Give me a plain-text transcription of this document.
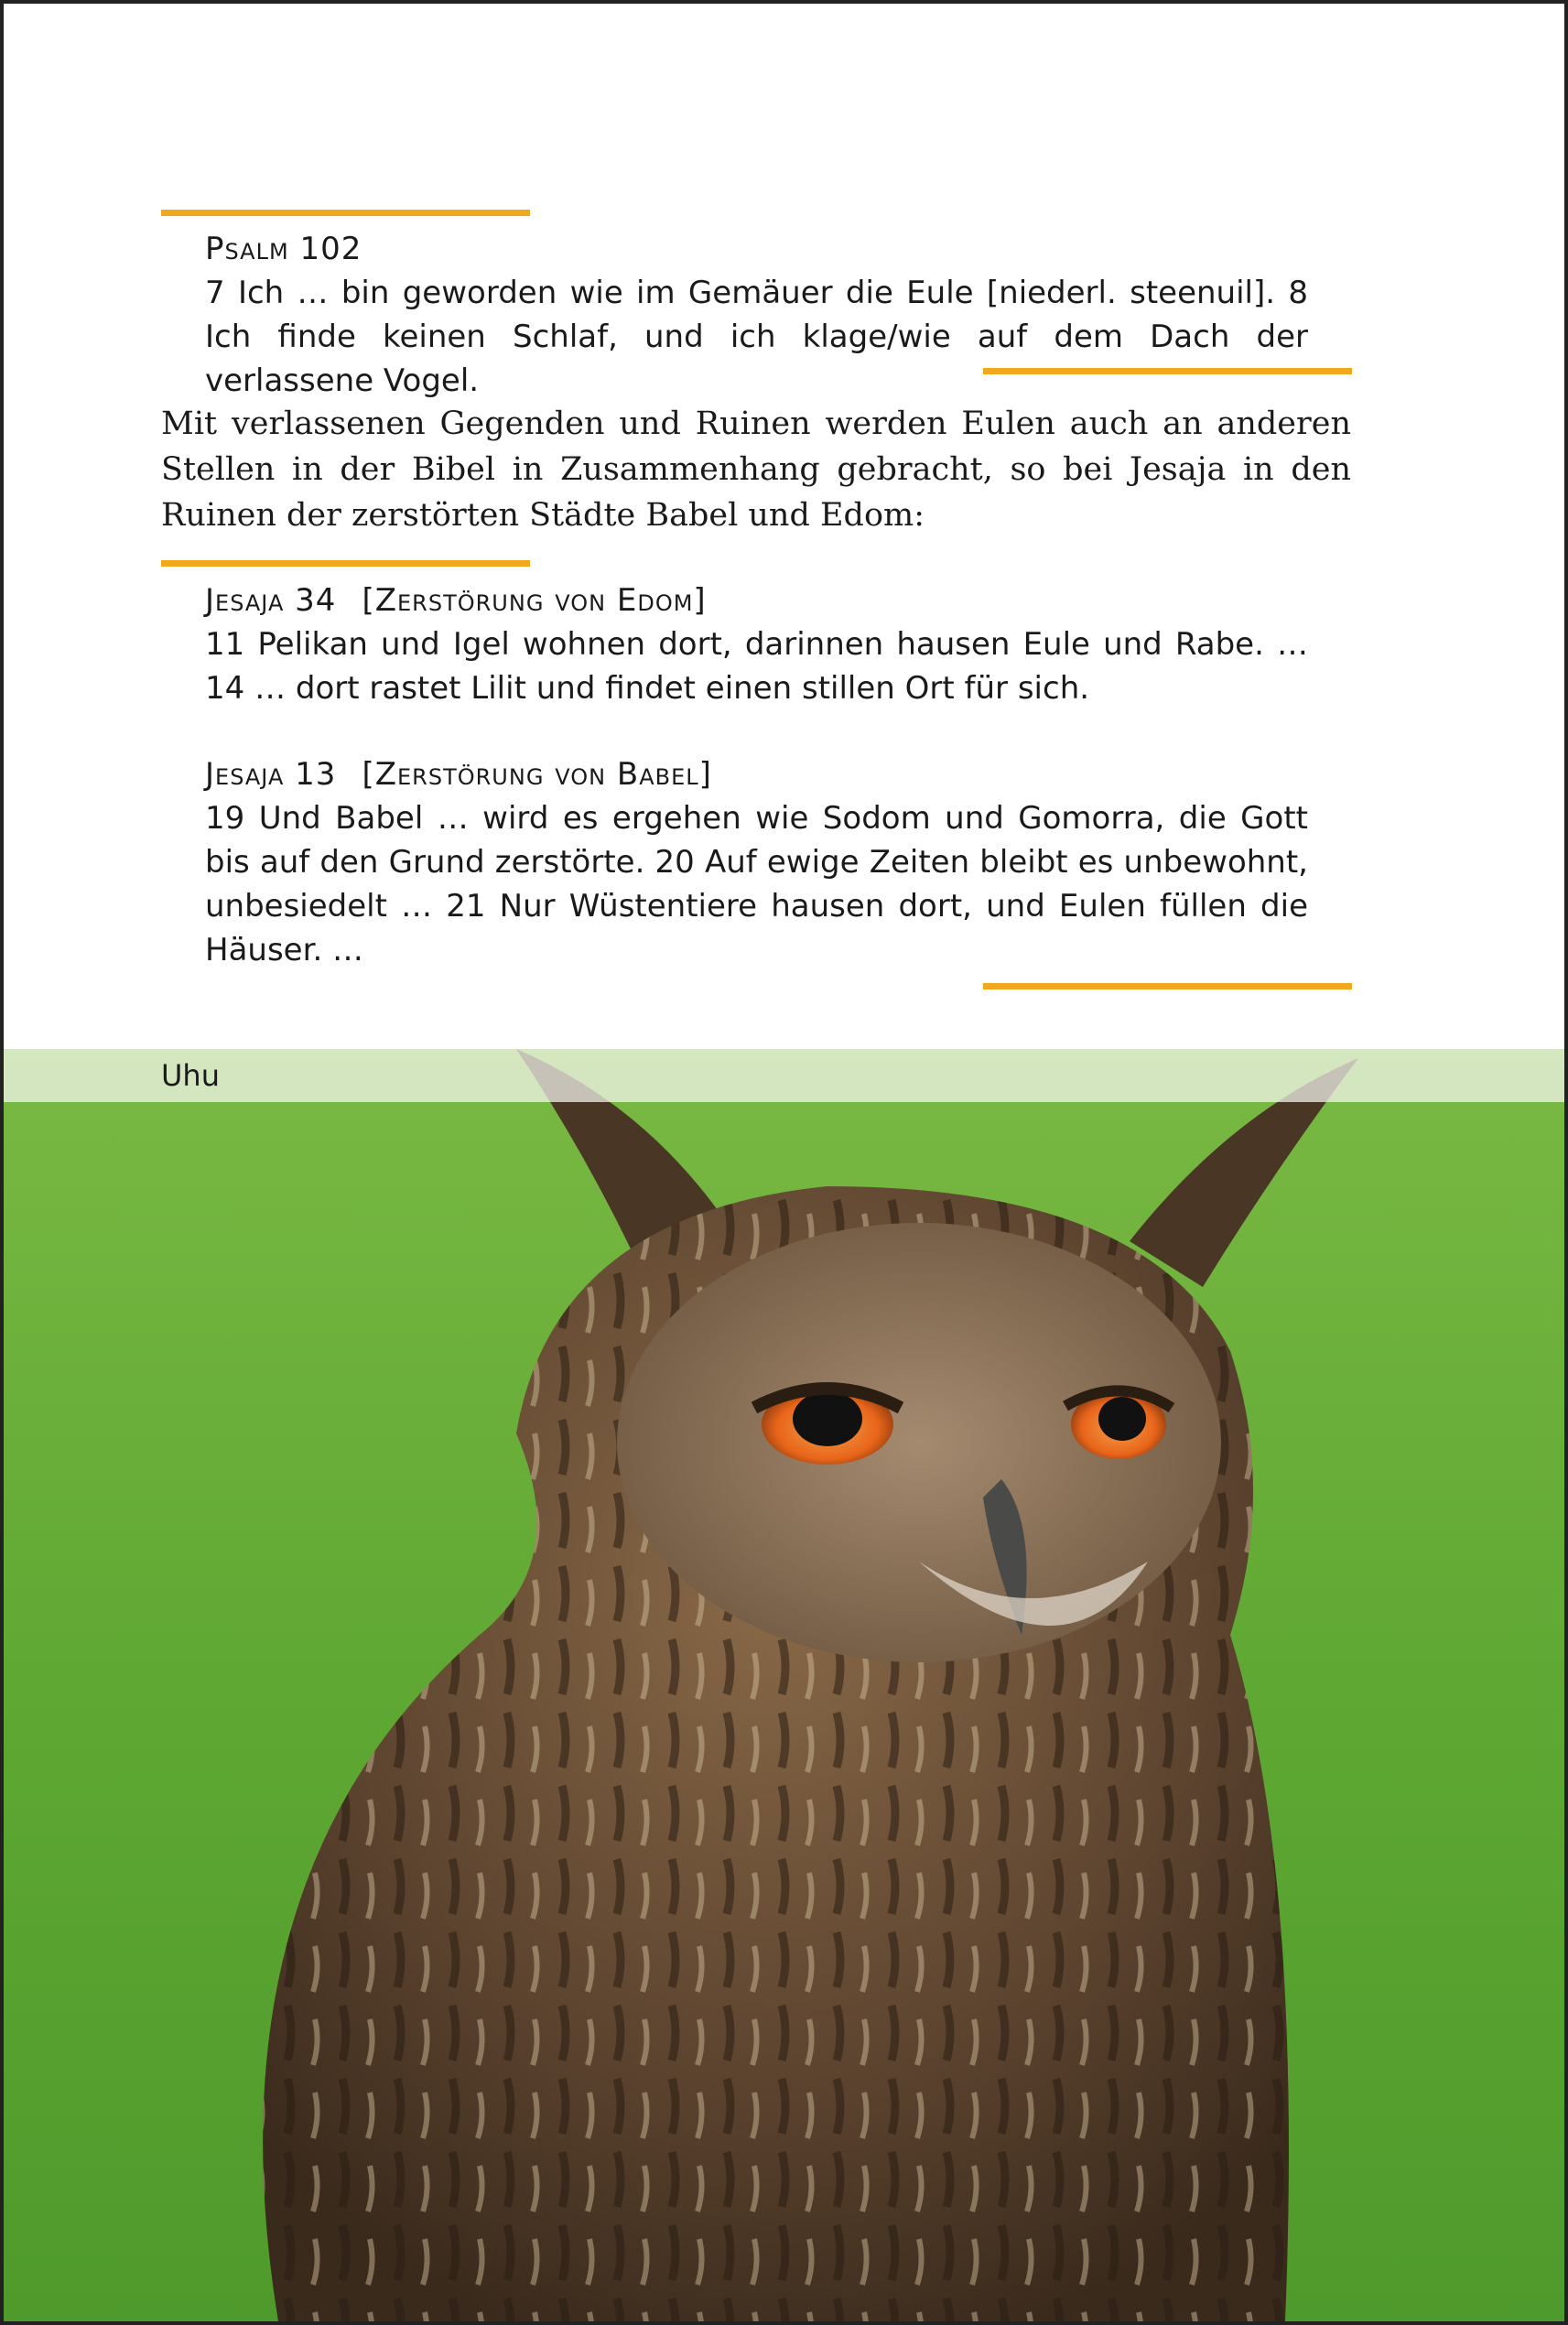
Psalm 102

7 Ich … bin geworden wie im Gemäuer die Eule [niederl. steenuil]. 8 Ich finde keinen Schlaf, und ich klage/wie auf dem Dach der verlassene Vogel.

Mit verlassenen Gegenden und Ruinen werden Eulen auch an anderen Stellen in der Bibel in Zusammenhang gebracht, so bei Jesaja in den Ruinen der zerstörten Städte Babel und Edom:

Jesaja 34 [Zerstörung von Edom]

11 Pelikan und Igel wohnen dort, darinnen hausen Eule und Rabe. … 14 … dort rastet Lilit und findet einen stillen Ort für sich.

Jesaja 13 [Zerstörung von Babel]

19 Und Babel … wird es ergehen wie Sodom und Gomorra, die Gott bis auf den Grund zerstörte. 20 Auf ewige Zeiten bleibt es unbewohnt, unbesiedelt … 21 Nur Wüstentiere hausen dort, und Eulen füllen die Häuser. …

Uhu
